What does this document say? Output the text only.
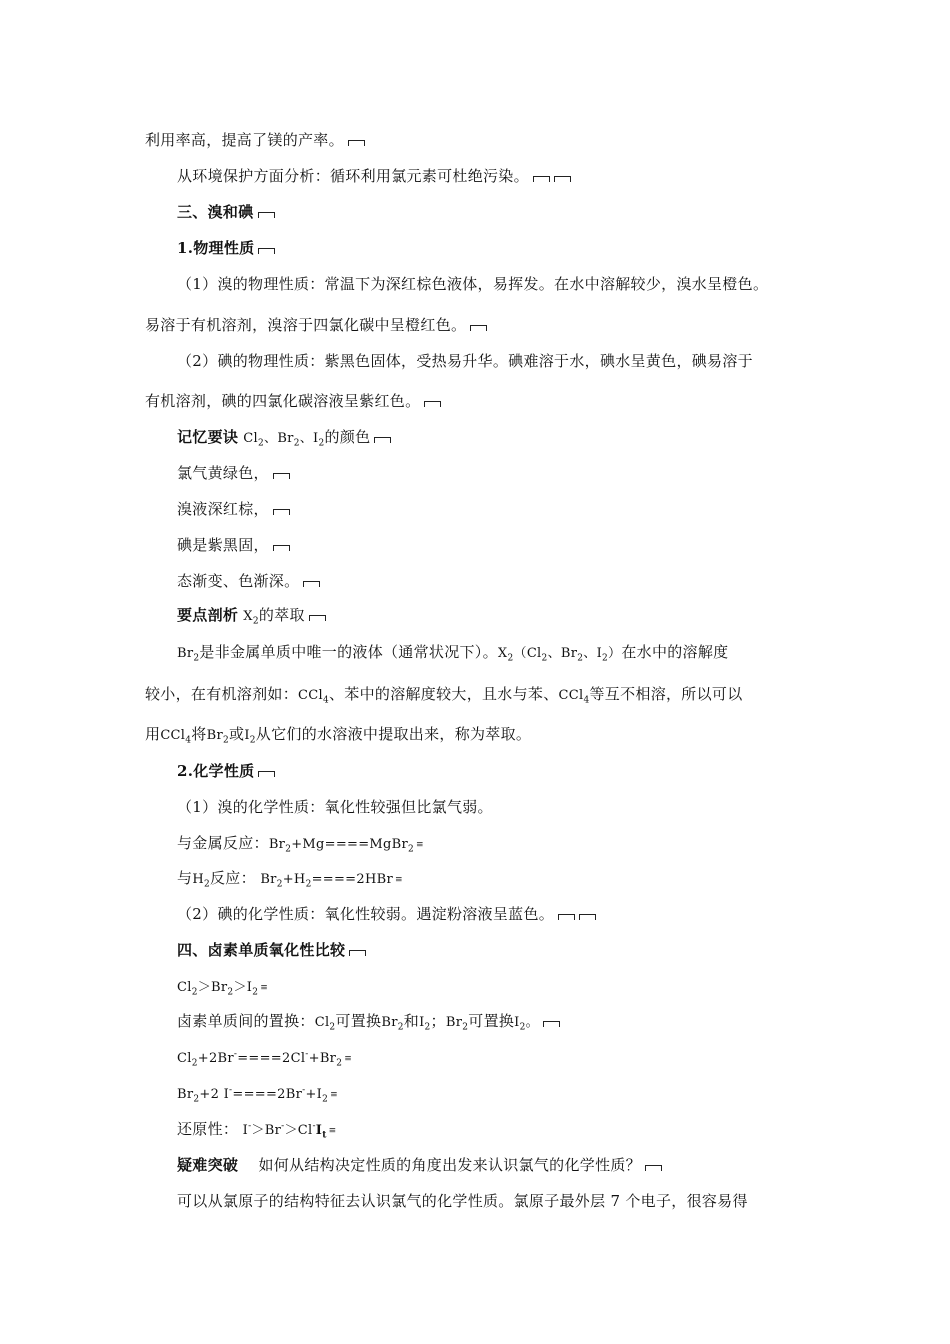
利用率高，提高了镁的产率。
从环境保护方面分析：循环利用氯元素可杜绝污染。
三、溴和碘
1.物理性质
（1）溴的物理性质：常温下为深红棕色液体，易挥发。在水中溶解较少，溴水呈橙色。
易溶于有机溶剂，溴溶于四氯化碳中呈橙红色。
（2）碘的物理性质：紫黑色固体，受热易升华。碘难溶于水，碘水呈黄色，碘易溶于
有机溶剂，碘的四氯化碳溶液呈紫红色。
记忆要诀 $Cl_2$、$Br_2$、$I_2$的颜色
氯气黄绿色，
溴液深红棕，
碘是紫黑固，
态渐变、色渐深。
要点剖析 $X_2$的萃取
$Br_2$是非金属单质中唯一的液体（通常状况下）。$X_2(Cl_2$、$Br_2$、$I_2$）在水中的溶解度
较小，在有机溶剂如：CCl$_4$、苯中的溶解度较大，且水与苯、CCl$_4$等互不相溶，所以可以
用CCl$_4$将$Br_2$或$I_2$从它们的水溶液中提取出来，称为萃取。
2.化学性质
（1）溴的化学性质：氧化性较强但比氯气弱。
与金属反应：$Br_2+Mg====MgBr_2$ ≡
与$H_2$反应： $Br_2+H_2====2HBr$ ≡
（2）碘的化学性质：氧化性较弱。遇淀粉溶液呈蓝色。
四、卤素单质氧化性比较
$Cl_2>Br_2>I_2$ ≡
卤素单质间的置换：$Cl_2$可置换$Br_2$和$I_2$；$Br_2$可置换$I_2$。
$Cl_2+2Br^-====2Cl^-+Br_2$ ≡
$Br_2+2$ $I^-====2Br^-+I_2$ ≡
还原性： $I^->Br^->Cl^-I_t$ ≡
疑难突破 如何从结构决定性质的角度出发来认识氯气的化学性质？
可以从氯原子的结构特征去认识氯气的化学性质。氯原子最外层 7 个电子，很容易得
